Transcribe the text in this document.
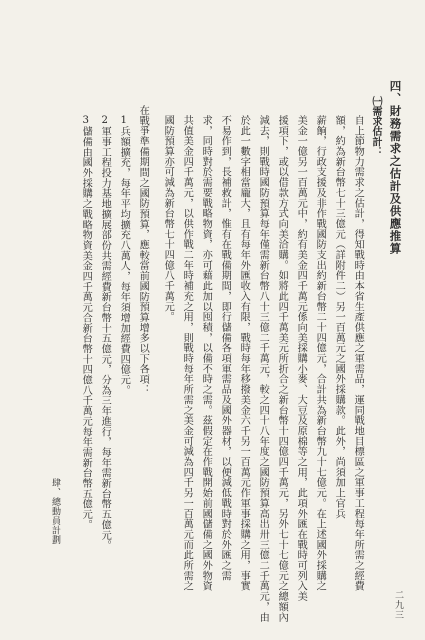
四、財務需求之估計及供應推算
㈠需求估計：
自上節物力需求之估計，得知戰時由本省生產供應之軍需品，運同戰地目標區之軍事工程每年所需之經費
額，約為新台幣七十三億元（詳附件二）另一百萬元之國外採購款。此外，尚須加上官兵
薪餉，行政支援及非作戰國防支出約新台幣二十四億元，合計共為新台幣九十七億元。在上述國外採購之
美金一億另一百萬元中，約有美金四千萬元係向美採購小麥、大豆及原棉等之用，此項外匯在戰時可列入美
援項下，或以借款方式向美洽購。如將此四千萬美元所折合之新台幣十四億四千萬元，另外七十七億元之總額內
減去，則戰時國防預算每年僅需新台幣八十三億二千萬元，較之四十八年度之國防預算高出卅三億二千萬元，由
於此一數字相當龐大，且有每年外匯收入有限，戰時每年移撥美金六千另一百萬元作軍事採購之用，事實
不易作到，長補救計，惟有在戰備期間，即行儲備各項軍需品及國外器材，以便減低戰時對於外匯之需
求，同時對於需要戰略物資，亦可藉此加以囤積，以備不時之需。茲假定在作戰開始前國儲備之國外物資
共值美金四千萬元，以供作戰二年時補充之用，則戰時每年所需之美金可減為四千另一百萬元而此所需之
國防預算亦可減為新台幣七十四億八千萬元。
在戰爭準備期間之國防預算，應較當前國防預算增多以下各項：
1兵額擴充，每年平均擴充八萬人，每年須增加經費四億元。
2軍事工程投力基地擴展部份共需經費新台幣十五億元，分為三年進行，每年需新台幣五億元。
3儲備由國外採購之戰略物資美金四千萬元合新台幣十四億八千萬元每年需新台幣五億元。
肆、總動員計劃
二九三
